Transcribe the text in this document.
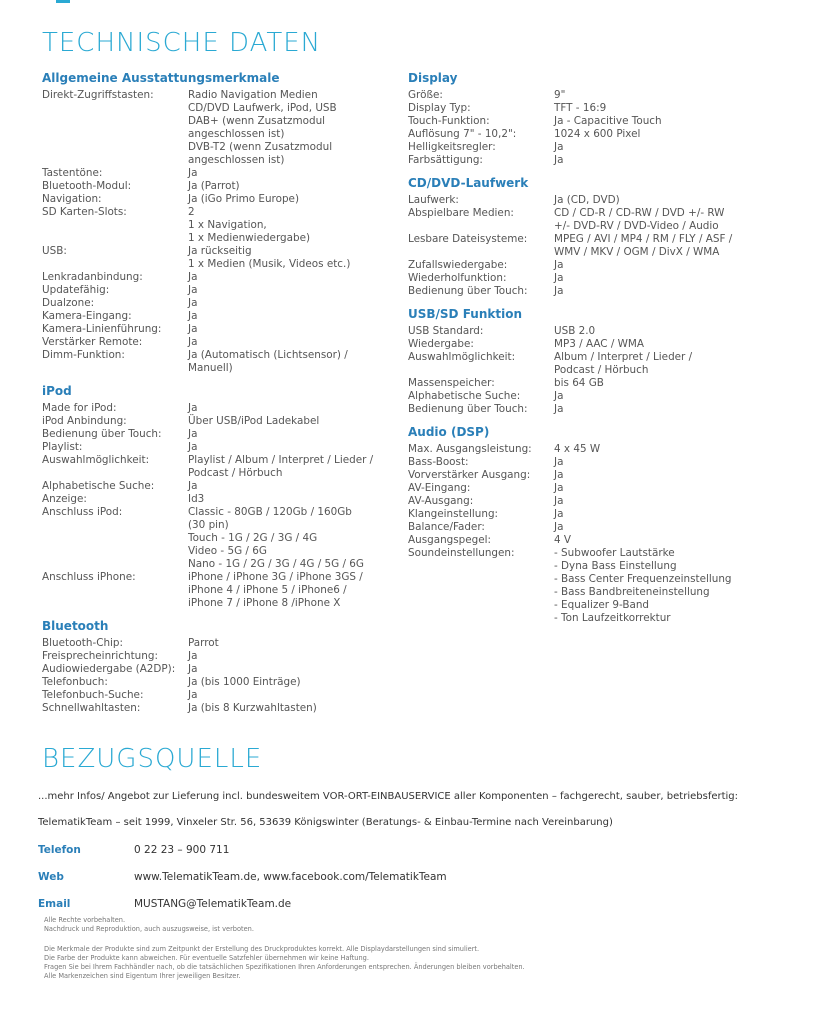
TECHNISCHE DATEN
Allgemeine Ausstattungsmerkmale
Direkt-Zugriffstasten:	Radio Navigation Medien
CD/DVD Laufwerk, iPod, USB
DAB+ (wenn Zusatzmodul
angeschlossen ist)
DVB-T2 (wenn Zusatzmodul
angeschlossen ist)
Tastentöne:	Ja
Bluetooth-Modul:	Ja (Parrot)
Navigation:	Ja (iGo Primo Europe)
SD Karten-Slots:	2
1 x Navigation,
1 x Medienwiedergabe)
USB:	Ja rückseitig
1 x Medien (Musik, Videos etc.)
Lenkradanbindung:	Ja
Updatefähig:	Ja
Dualzone:	Ja
Kamera-Eingang:	Ja
Kamera-Linienführung:	Ja
Verstärker Remote:	Ja
Dimm-Funktion:	Ja (Automatisch (Lichtsensor) /
Manuell)
iPod
Made for iPod:	Ja
iPod Anbindung:	Über USB/iPod Ladekabel
Bedienung über Touch:	Ja
Playlist:	Ja
Auswahlmöglichkeit:	Playlist / Album / Interpret / Lieder /
Podcast / Hörbuch
Alphabetische Suche:	Ja
Anzeige:	Id3
Anschluss iPod:	Classic - 80GB / 120Gb / 160Gb
(30 pin)
Touch - 1G / 2G / 3G / 4G
Video - 5G / 6G
Nano - 1G / 2G / 3G / 4G / 5G / 6G
Anschluss iPhone:	iPhone / iPhone 3G / iPhone 3GS /
iPhone 4 / iPhone 5 / iPhone6 /
iPhone 7 / iPhone 8 /iPhone X
Bluetooth
Bluetooth-Chip:	Parrot
Freisprecheinrichtung:	Ja
Audiowiedergabe (A2DP):	Ja
Telefonbuch:	Ja (bis 1000 Einträge)
Telefonbuch-Suche:	Ja
Schnellwahltasten:	Ja (bis 8 Kurzwahltasten)
Display
Größe:	9"
Display Typ:	TFT - 16:9
Touch-Funktion:	Ja - Capacitive Touch
Auflösung 7" - 10,2":	1024 x 600 Pixel
Helligkeitsregler:	Ja
Farbsättigung:	Ja
CD/DVD-Laufwerk
Laufwerk:	Ja (CD, DVD)
Abspielbare Medien:	CD / CD-R / CD-RW / DVD +/- RW
+/- DVD-RV / DVD-Video / Audio
Lesbare Dateisysteme:	MPEG / AVI / MP4 / RM / FLY / ASF /
WMV / MKV / OGM / DivX / WMA
Zufallswiedergabe:	Ja
Wiederholfunktion:	Ja
Bedienung über Touch:	Ja
USB/SD Funktion
USB Standard:	USB 2.0
Wiedergabe:	MP3 / AAC / WMA
Auswahlmöglichkeit:	Album / Interpret / Lieder /
Podcast / Hörbuch
Massenspeicher:	bis 64 GB
Alphabetische Suche:	Ja
Bedienung über Touch:	Ja
Audio (DSP)
Max. Ausgangsleistung:	4 x 45 W
Bass-Boost:	Ja
Vorverstärker Ausgang:	Ja
AV-Eingang:	Ja
AV-Ausgang:	Ja
Klangeinstellung:	Ja
Balance/Fader:	Ja
Ausgangspegel:	4 V
Soundeinstellungen:	- Subwoofer Lautstärke
- Dyna Bass Einstellung
- Bass Center Frequenzeinstellung
- Bass Bandbreiteneinstellung
- Equalizer 9-Band
- Ton Laufzeitkorrektur
BEZUGSQUELLE
...mehr Infos/ Angebot zur Lieferung incl. bundesweitem VOR-ORT-EINBAUSERVICE aller Komponenten – fachgerecht, sauber, betriebsfertig:
TelematikTeam – seit 1999, Vinxeler Str. 56, 53639 Königswinter (Beratungs- & Einbau-Termine nach Vereinbarung)
Telefon	0 22 23 – 900 711
Web	www.TelematikTeam.de, www.facebook.com/TelematikTeam
Email	MUSTANG@TelematikTeam.de
Alle Rechte vorbehalten.
Nachdruck und Reproduktion, auch auszugsweise, ist verboten.
Die Merkmale der Produkte sind zum Zeitpunkt der Erstellung des Druckproduktes korrekt. Alle Displaydarstellungen sind simuliert.
Die Farbe der Produkte kann abweichen. Für eventuelle Satzfehler übernehmen wir keine Haftung.
Fragen Sie bei Ihrem Fachhändler nach, ob die tatsächlichen Spezifikationen Ihren Anforderungen entsprechen. Änderungen bleiben vorbehalten.
Alle Markenzeichen sind Eigentum Ihrer jeweiligen Besitzer.
